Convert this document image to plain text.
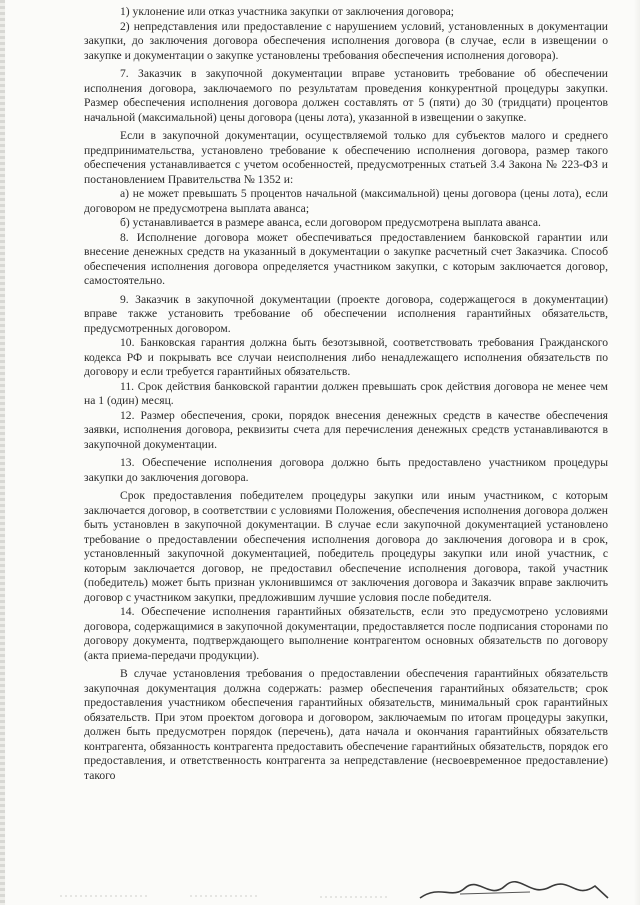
1) уклонение или отказ участника закупки от заключения договора;

2) непредставления или предоставление с нарушением условий, установленных в документации закупки, до заключения договора обеспечения исполнения договора (в случае, если в извещении о закупке и документации о закупке установлены требования обеспечения исполнения договора).

7. Заказчик в закупочной документации вправе установить требование об обеспечении исполнения договора, заключаемого по результатам проведения конкурентной процедуры закупки. Размер обеспечения исполнения договора должен составлять от 5 (пяти) до 30 (тридцати) процентов начальной (максимальной) цены договора (цены лота), указанной в извещении о закупке.

Если в закупочной документации, осуществляемой только для субъектов малого и среднего предпринимательства, установлено требование к обеспечению исполнения договора, размер такого обеспечения устанавливается с учетом особенностей, предусмотренных статьей 3.4 Закона № 223-ФЗ и постановлением Правительства № 1352 и:

а) не может превышать 5 процентов начальной (максимальной) цены договора (цены лота), если договором не предусмотрена выплата аванса;

б) устанавливается в размере аванса, если договором предусмотрена выплата аванса.

8. Исполнение договора может обеспечиваться предоставлением банковской гарантии или внесение денежных средств на указанный в документации о закупке расчетный счет Заказчика. Способ обеспечения исполнения договора определяется участником закупки, с которым заключается договор, самостоятельно.

9. Заказчик в закупочной документации (проекте договора, содержащегося в документации) вправе также установить требование об обеспечении исполнения гарантийных обязательств, предусмотренных договором.

10. Банковская гарантия должна быть безотзывной, соответствовать требования Гражданского кодекса РФ и покрывать все случаи неисполнения либо ненадлежащего исполнения обязательств по договору и если требуется гарантийных обязательств.

11. Срок действия банковской гарантии должен превышать срок действия договора не менее чем на 1 (один) месяц.

12. Размер обеспечения, сроки, порядок внесения денежных средств в качестве обеспечения заявки, исполнения договора, реквизиты счета для перечисления денежных средств устанавливаются в закупочной документации.

13. Обеспечение исполнения договора должно быть предоставлено участником процедуры закупки до заключения договора.

Срок предоставления победителем процедуры закупки или иным участником, с которым заключается договор, в соответствии с условиями Положения, обеспечения исполнения договора должен быть установлен в закупочной документации. В случае если закупочной документацией установлено требование о предоставлении обеспечения исполнения договора до заключения договора и в срок, установленный закупочной документацией, победитель процедуры закупки или иной участник, с которым заключается договор, не предоставил обеспечение исполнения договора, такой участник (победитель) может быть признан уклонившимся от заключения договора и Заказчик вправе заключить договор с участником закупки, предложившим лучшие условия после победителя.

14. Обеспечение исполнения гарантийных обязательств, если это предусмотрено условиями договора, содержащимися в закупочной документации, предоставляется после подписания сторонами по договору документа, подтверждающего выполнение контрагентом основных обязательств по договору (акта приема-передачи продукции).

В случае установления требования о предоставлении обеспечения гарантийных обязательств закупочная документация должна содержать: размер обеспечения гарантийных обязательств; срок предоставления участником обеспечения гарантийных обязательств, минимальный срок гарантийных обязательств. При этом проектом договора и договором, заключаемым по итогам процедуры закупки, должен быть предусмотрен порядок (перечень), дата начала и окончания гарантийных обязательств контрагента, обязанность контрагента предоставить обеспечение гарантийных обязательств, порядок его предоставления, и ответственность контрагента за непредставление (несвоевременное предоставление) такого
